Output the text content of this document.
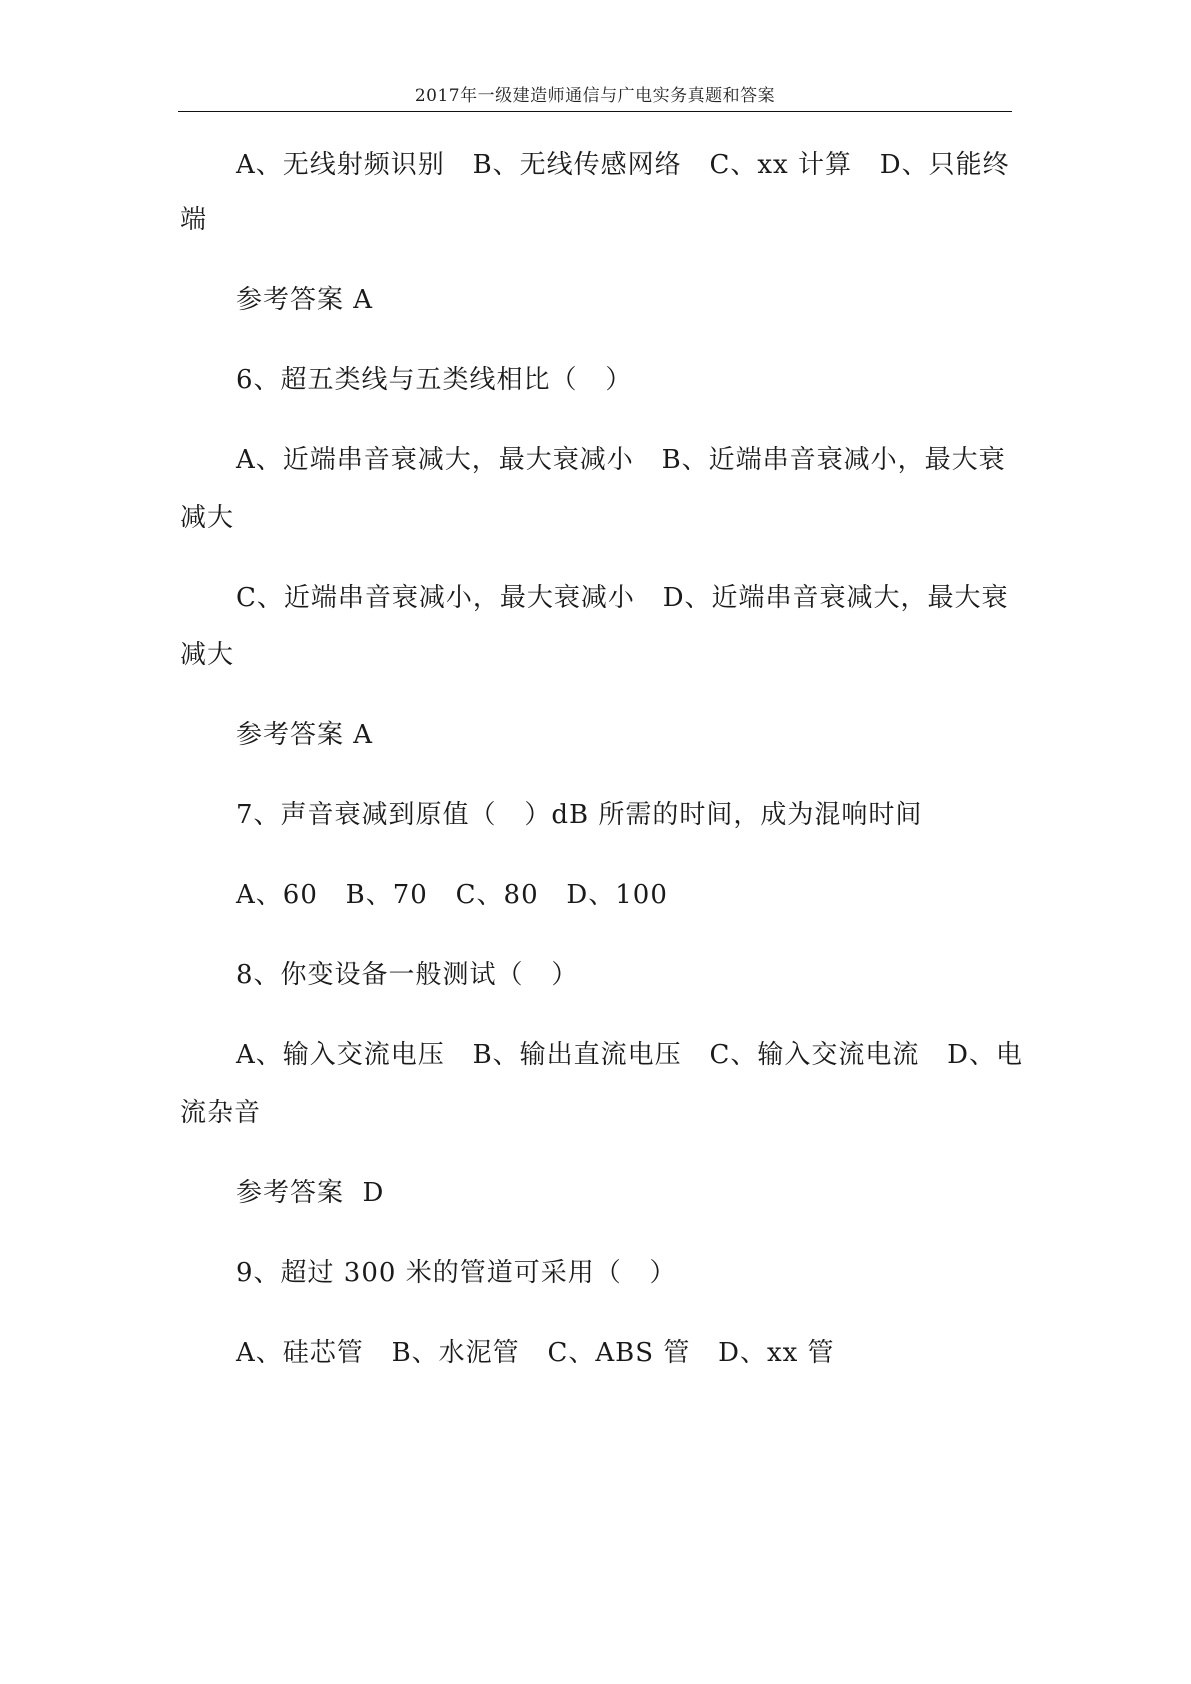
2017年一级建造师通信与广电实务真题和答案

A、无线射频识别   B、无线传感网络   C、xx 计算   D、只能终

端

参考答案 A

6、超五类线与五类线相比（   ）

A、近端串音衰减大，最大衰减小   B、近端串音衰减小，最大衰

减大

C、近端串音衰减小，最大衰减小   D、近端串音衰减大，最大衰

减大

参考答案 A

7、声音衰减到原值（   ）dB 所需的时间，成为混响时间

A、60   B、70   C、80   D、100

8、你变设备一般测试（   ）

A、输入交流电压   B、输出直流电压   C、输入交流电流   D、电

流杂音

参考答案  D

9、超过 300 米的管道可采用（   ）

A、硅芯管   B、水泥管   C、ABS 管   D、xx 管
